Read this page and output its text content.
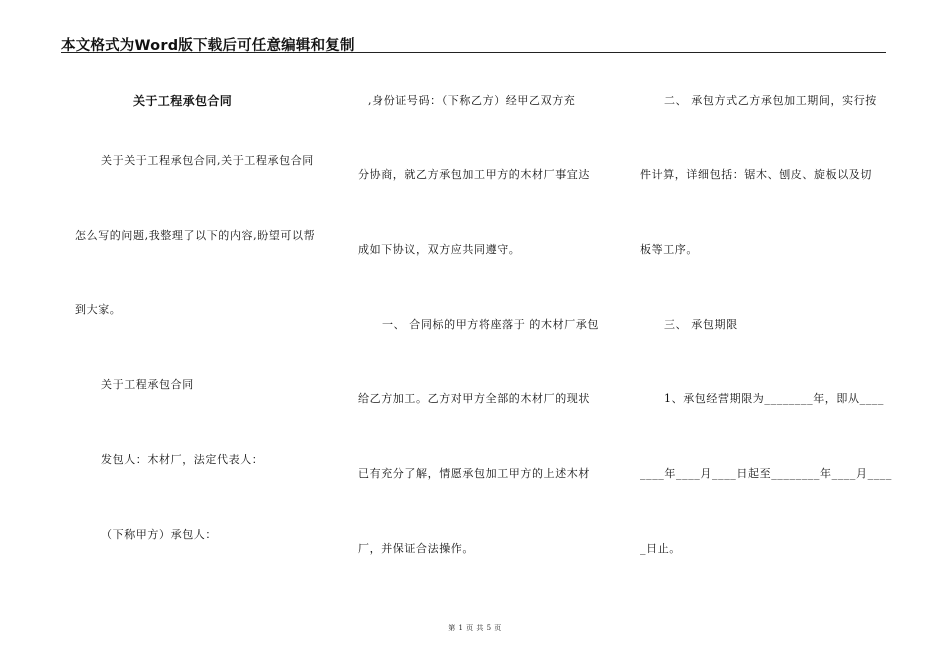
本文格式为Word版下载后可任意编辑和复制
关于工程承包合同
关于关于工程承包合同,关于工程承包合同
怎么写的问题,我整理了以下的内容,盼望可以帮
到大家。
关于工程承包合同
发包人：木材厂，法定代表人：
（下称甲方）承包人：
,身份证号码：（下称乙方）经甲乙双方充
分协商，就乙方承包加工甲方的木材厂事宜达
成如下协议，双方应共同遵守。
一、 合同标的甲方将座落于 的木材厂承包
给乙方加工。乙方对甲方全部的木材厂的现状
已有充分了解，情愿承包加工甲方的上述木材
厂，并保证合法操作。
二、 承包方式乙方承包加工期间，实行按
件计算，详细包括：锯木、刨皮、旋板以及切
板等工序。
三、 承包期限
1、承包经营期限为________年，即从____
____年____月____日起至________年____月____
_日止。
第 1 页 共 5 页
